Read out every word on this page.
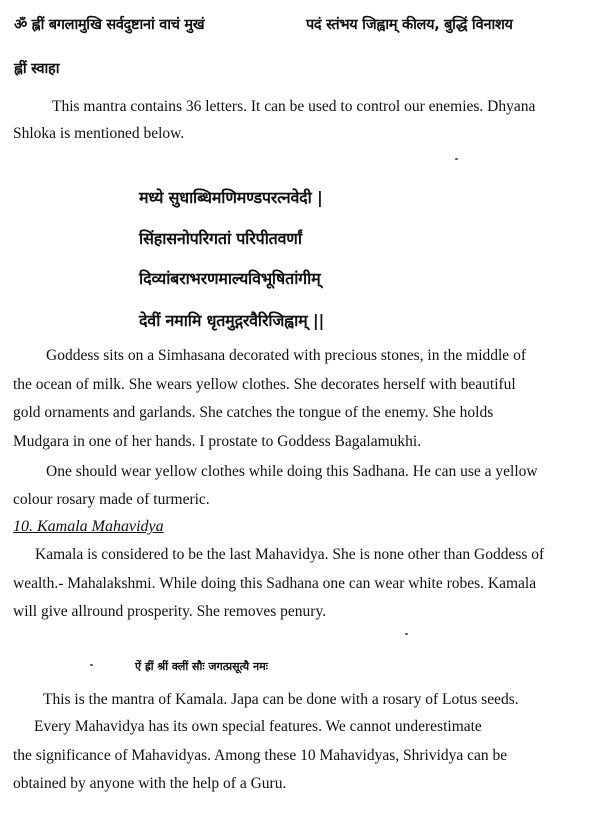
ॐ ह्लीं बगलामुखि सर्वदुष्टानां वाचं मुखं	पदं स्तंभय जिह्वाम् कीलय, बुद्धिं विनाशय

ह्लीं स्वाहा

This mantra contains 36 letters. It can be used to control our enemies. Dhyana

Shloka is mentioned below.

मध्ये सुधाब्धिमणिमण्डपरत्नवेदी |

सिंहासनोपरिगतां परिपीतवर्णां

दिव्यांबराभरणमाल्यविभूषितांगीम्

देवीं नमामि धृतमुद्गरवैरिजिह्वाम् ||

Goddess sits on a Simhasana decorated with precious stones, in the middle of

the ocean of milk. She wears yellow clothes. She decorates herself with beautiful

gold ornaments and garlands. She catches the tongue of the enemy. She holds

Mudgara in one of her hands. I prostate to Goddess Bagalamukhi.

One should wear yellow clothes while doing this Sadhana. He can use a yellow

colour rosary made of turmeric.

10. Kamala Mahavidya

Kamala is considered to be the last Mahavidya. She is none other than Goddess of

wealth.- Mahalakshmi. While doing this Sadhana one can wear white robes. Kamala

will give allround prosperity. She removes penury.

ऐं ह्रीं श्रीं क्लीं सौः जगत्प्रसूत्यै नमः

This is the mantra of Kamala. Japa can be done with a rosary of Lotus seeds.

Every Mahavidya has its own special features. We cannot underestimate

the significance of Mahavidyas. Among these 10 Mahavidyas, Shrividya can be

obtained by anyone with the help of a Guru.
